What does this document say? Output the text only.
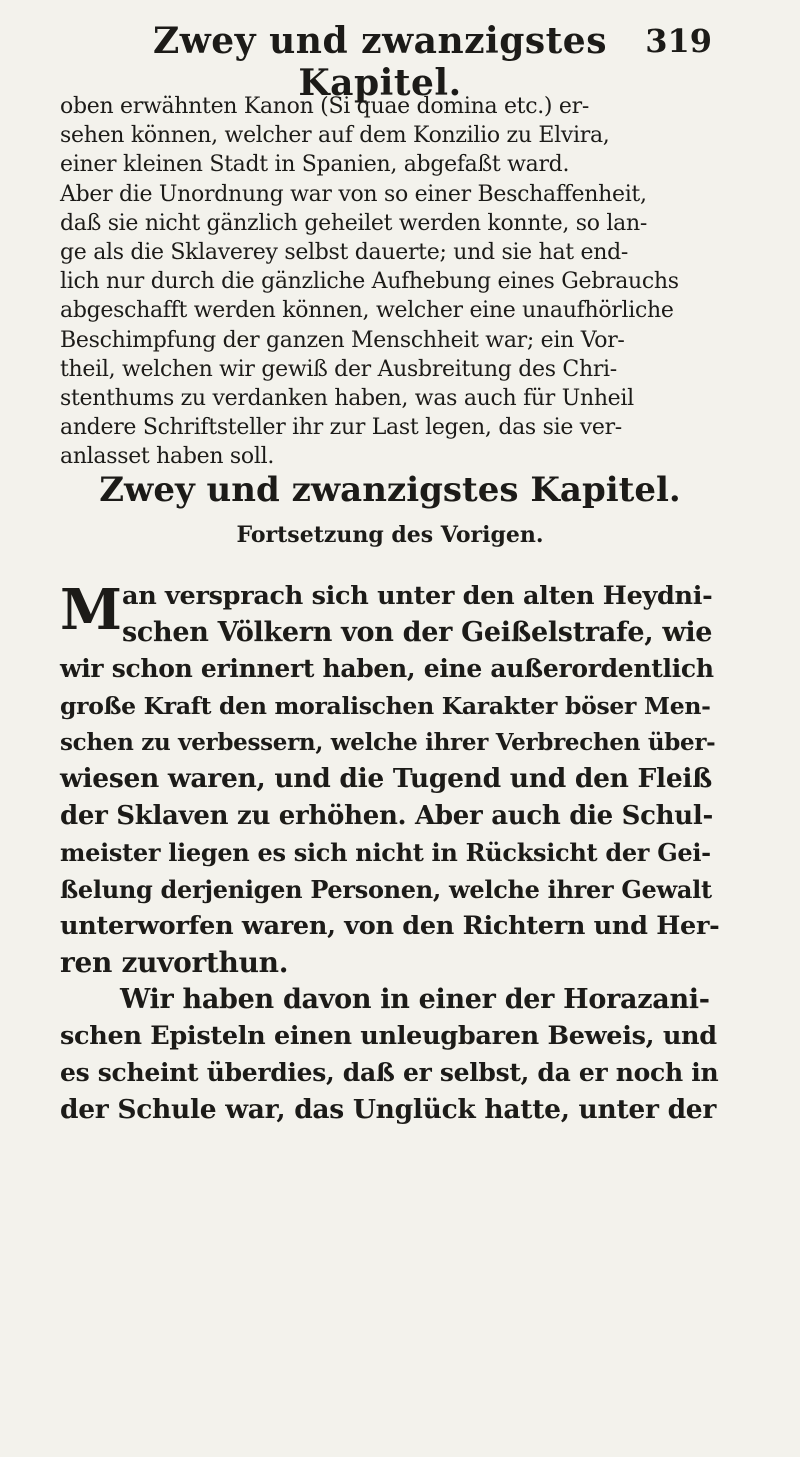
Zwey und zwanzigstes Kapitel.
319
oben erwähnten Kanon (Si quae domina etc.) er-
sehen können, welcher auf dem Konzilio zu Elvira,
einer kleinen Stadt in Spanien, abgefaßt ward.
Aber die Unordnung war von so einer Beschaffenheit,
daß sie nicht gänzlich geheilet werden konnte, so lan-
ge als die Sklaverey selbst dauerte; und sie hat end-
lich nur durch die gänzliche Aufhebung eines Gebrauchs
abgeschafft werden können, welcher eine unaufhörliche
Beschimpfung der ganzen Menschheit war; ein Vor-
theil, welchen wir gewiß der Ausbreitung des Chri-
stenthums zu verdanken haben, was auch für Unheil
andere Schriftsteller ihr zur Last legen, das sie ver-
anlasset haben soll.
Zwey und zwanzigstes Kapitel.
Fortsetzung des Vorigen.
M an versprach sich unter den alten Heydni-
schen Völkern von der Geißelstrafe, wie
wir schon erinnert haben, eine außerordentlich
große Kraft den moralischen Karakter böser Men-
schen zu verbessern, welche ihrer Verbrechen über-
wiesen waren, und die Tugend und den Fleiß
der Sklaven zu erhöhen. Aber auch die Schul-
meister liegen es sich nicht in Rücksicht der Gei-
ßelung derjenigen Personen, welche ihrer Gewalt
unterworfen waren, von den Richtern und Her-
ren zuvorthun.
Wir haben davon in einer der Horazani-
schen Episteln einen unleugbaren Beweis, und
es scheint überdies, daß er selbst, da er noch in
der Schule war, das Unglück hatte, unter der
